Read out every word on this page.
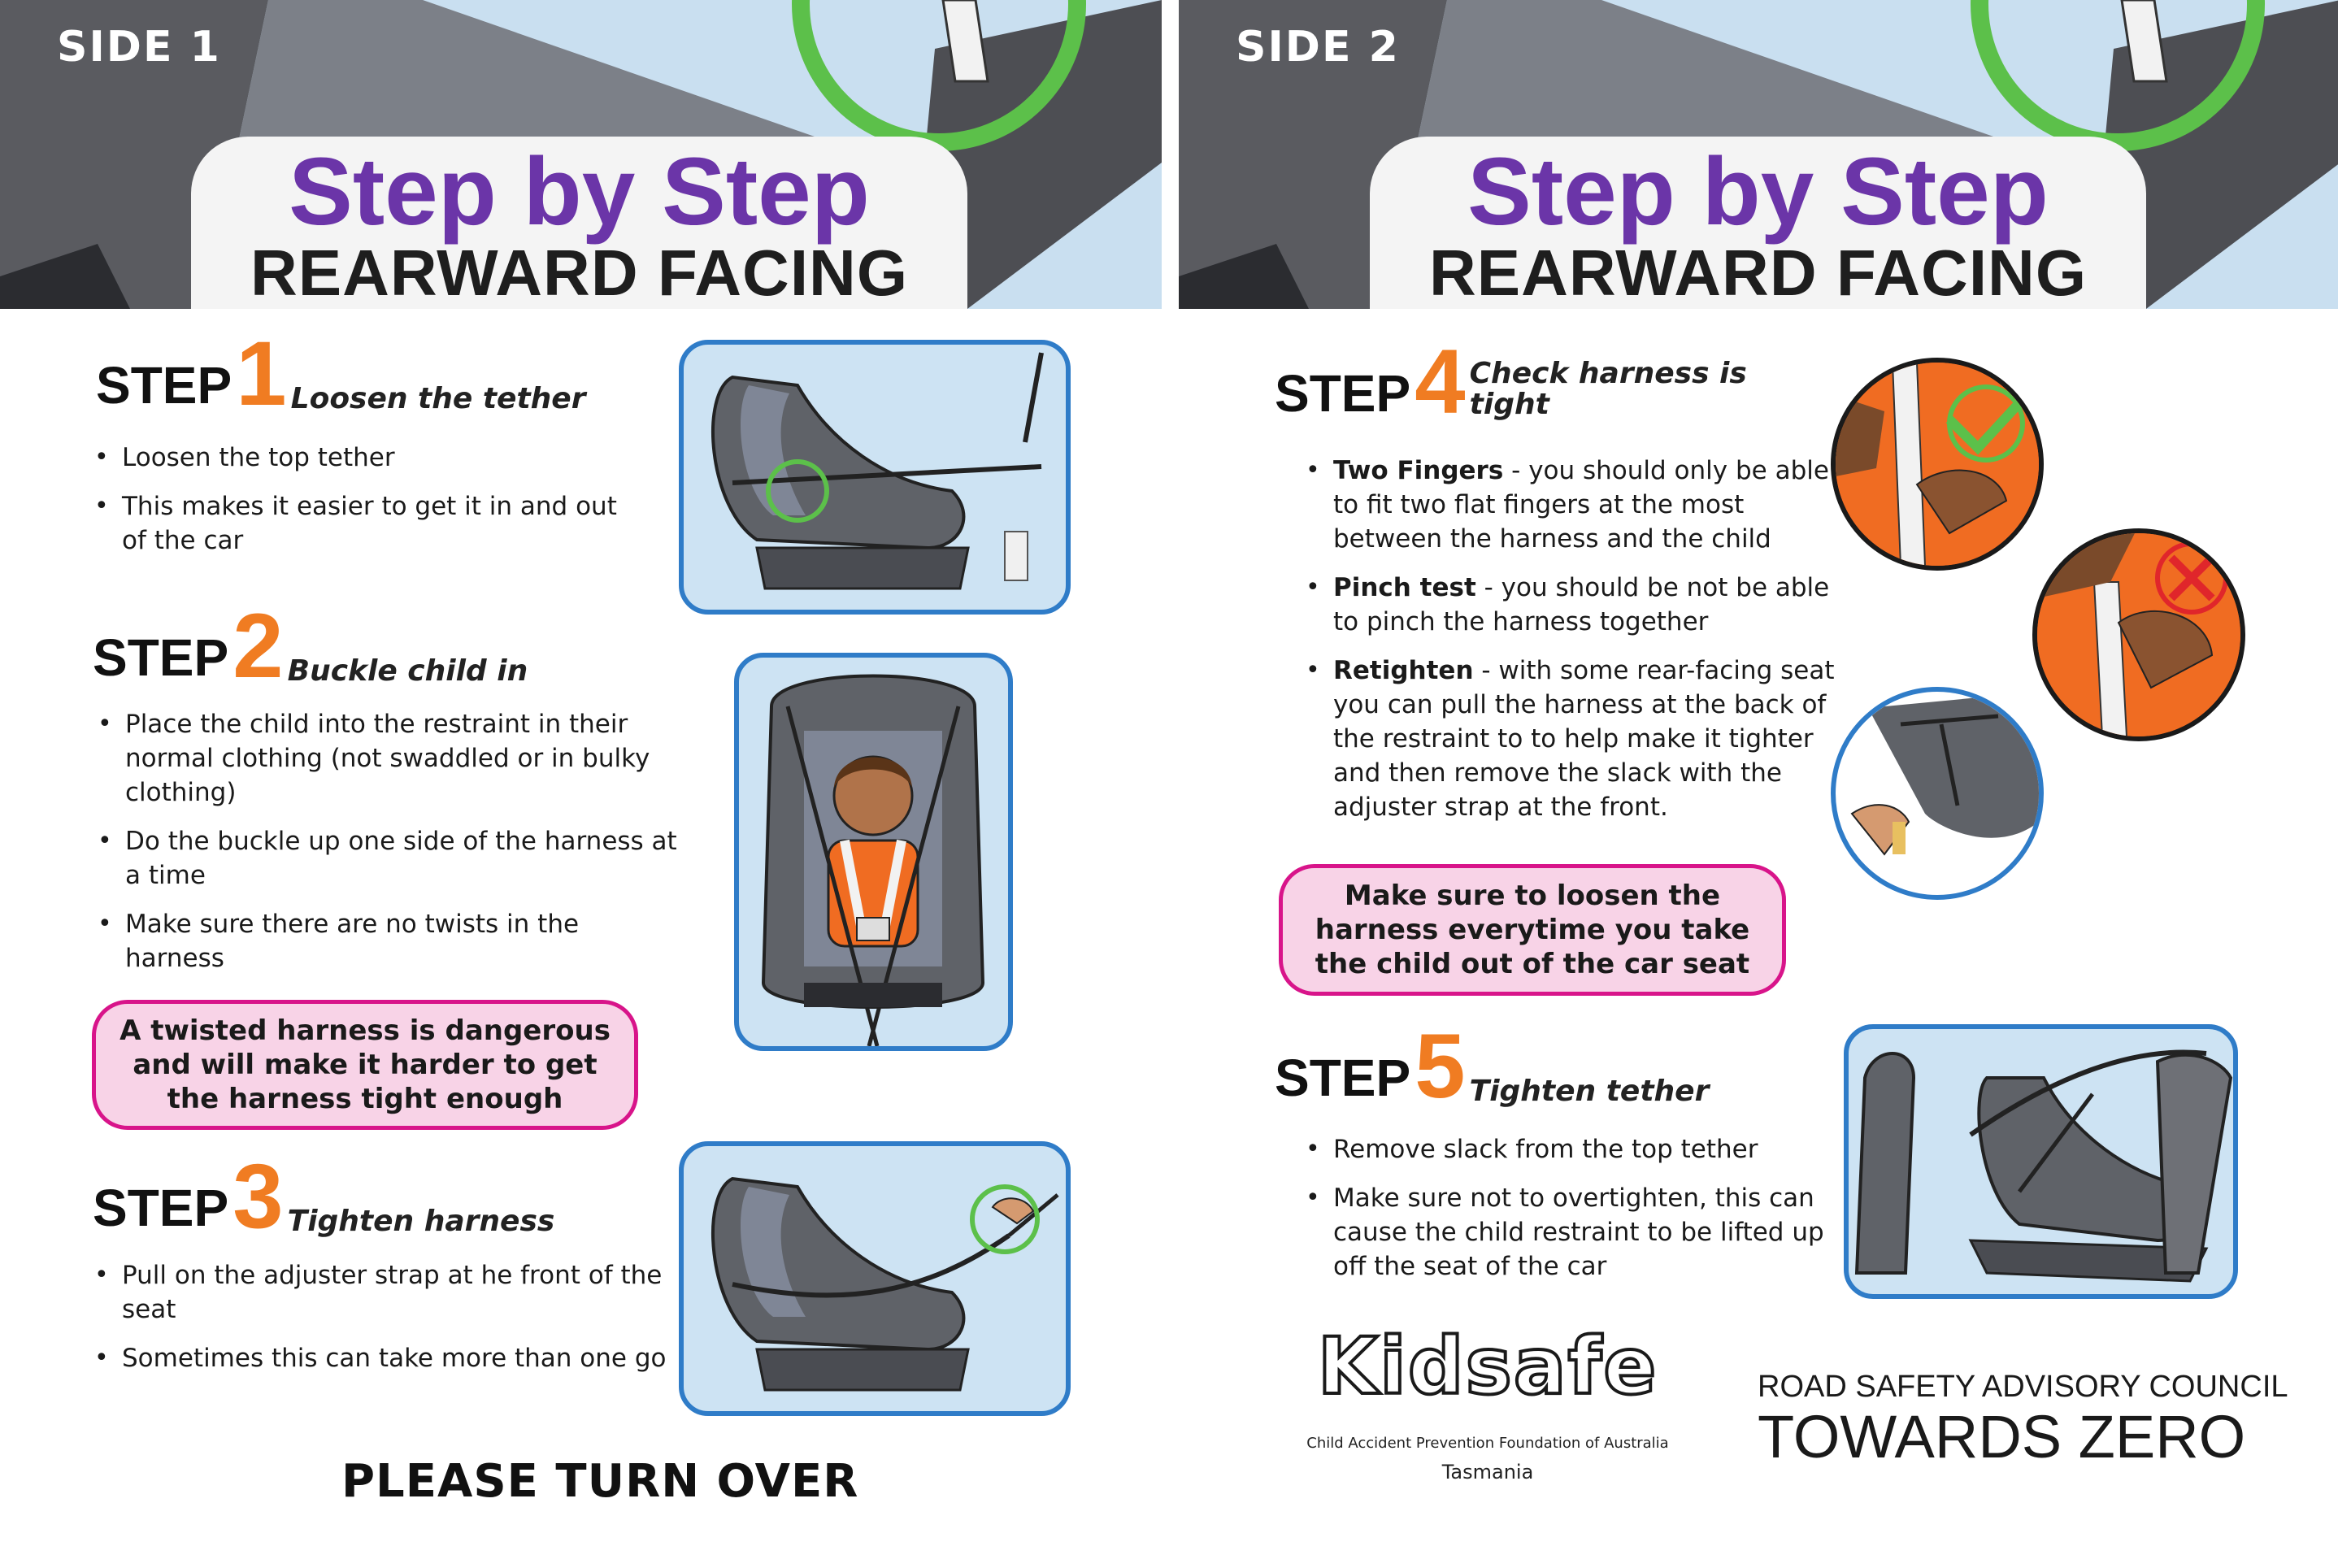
SIDE 1
Step by Step
REARWARD FACING
STEP 1 Loosen the tether
• Loosen the top tether
• This makes it easier to get it in and out of the car
STEP 2 Buckle child in
• Place the child into the restraint in their normal clothing (not swaddled or in bulky clothing)
• Do the buckle up one side of the harness at a time
• Make sure there are no twists in the harness
A twisted harness is dangerous and will make it harder to get the harness tight enough
STEP 3 Tighten harness
• Pull on the adjuster strap at he front of the seat
• Sometimes this can take more than one go
PLEASE TURN OVER
SIDE 2
Step by Step
REARWARD FACING
STEP 4 Check harness is
tight
• Two Fingers - you should only be able to fit two flat fingers at the most between the harness and the child
• Pinch test - you should be not be able to pinch the harness together
• Retighten - with some rear-facing seat you can pull the harness at the back of the restraint to to help make it tighter and then remove the slack with the adjuster strap at the front.
Make sure to loosen the harness everytime you take the child out of the car seat
STEP 5 Tighten tether
• Remove slack from the top tether
• Make sure not to overtighten, this can cause the child restraint to be lifted up off the seat of the car
Kidsafe
Child Accident Prevention Foundation of Australia
Tasmania
ROAD SAFETY ADVISORY COUNCIL
TOWARDS ZERO
